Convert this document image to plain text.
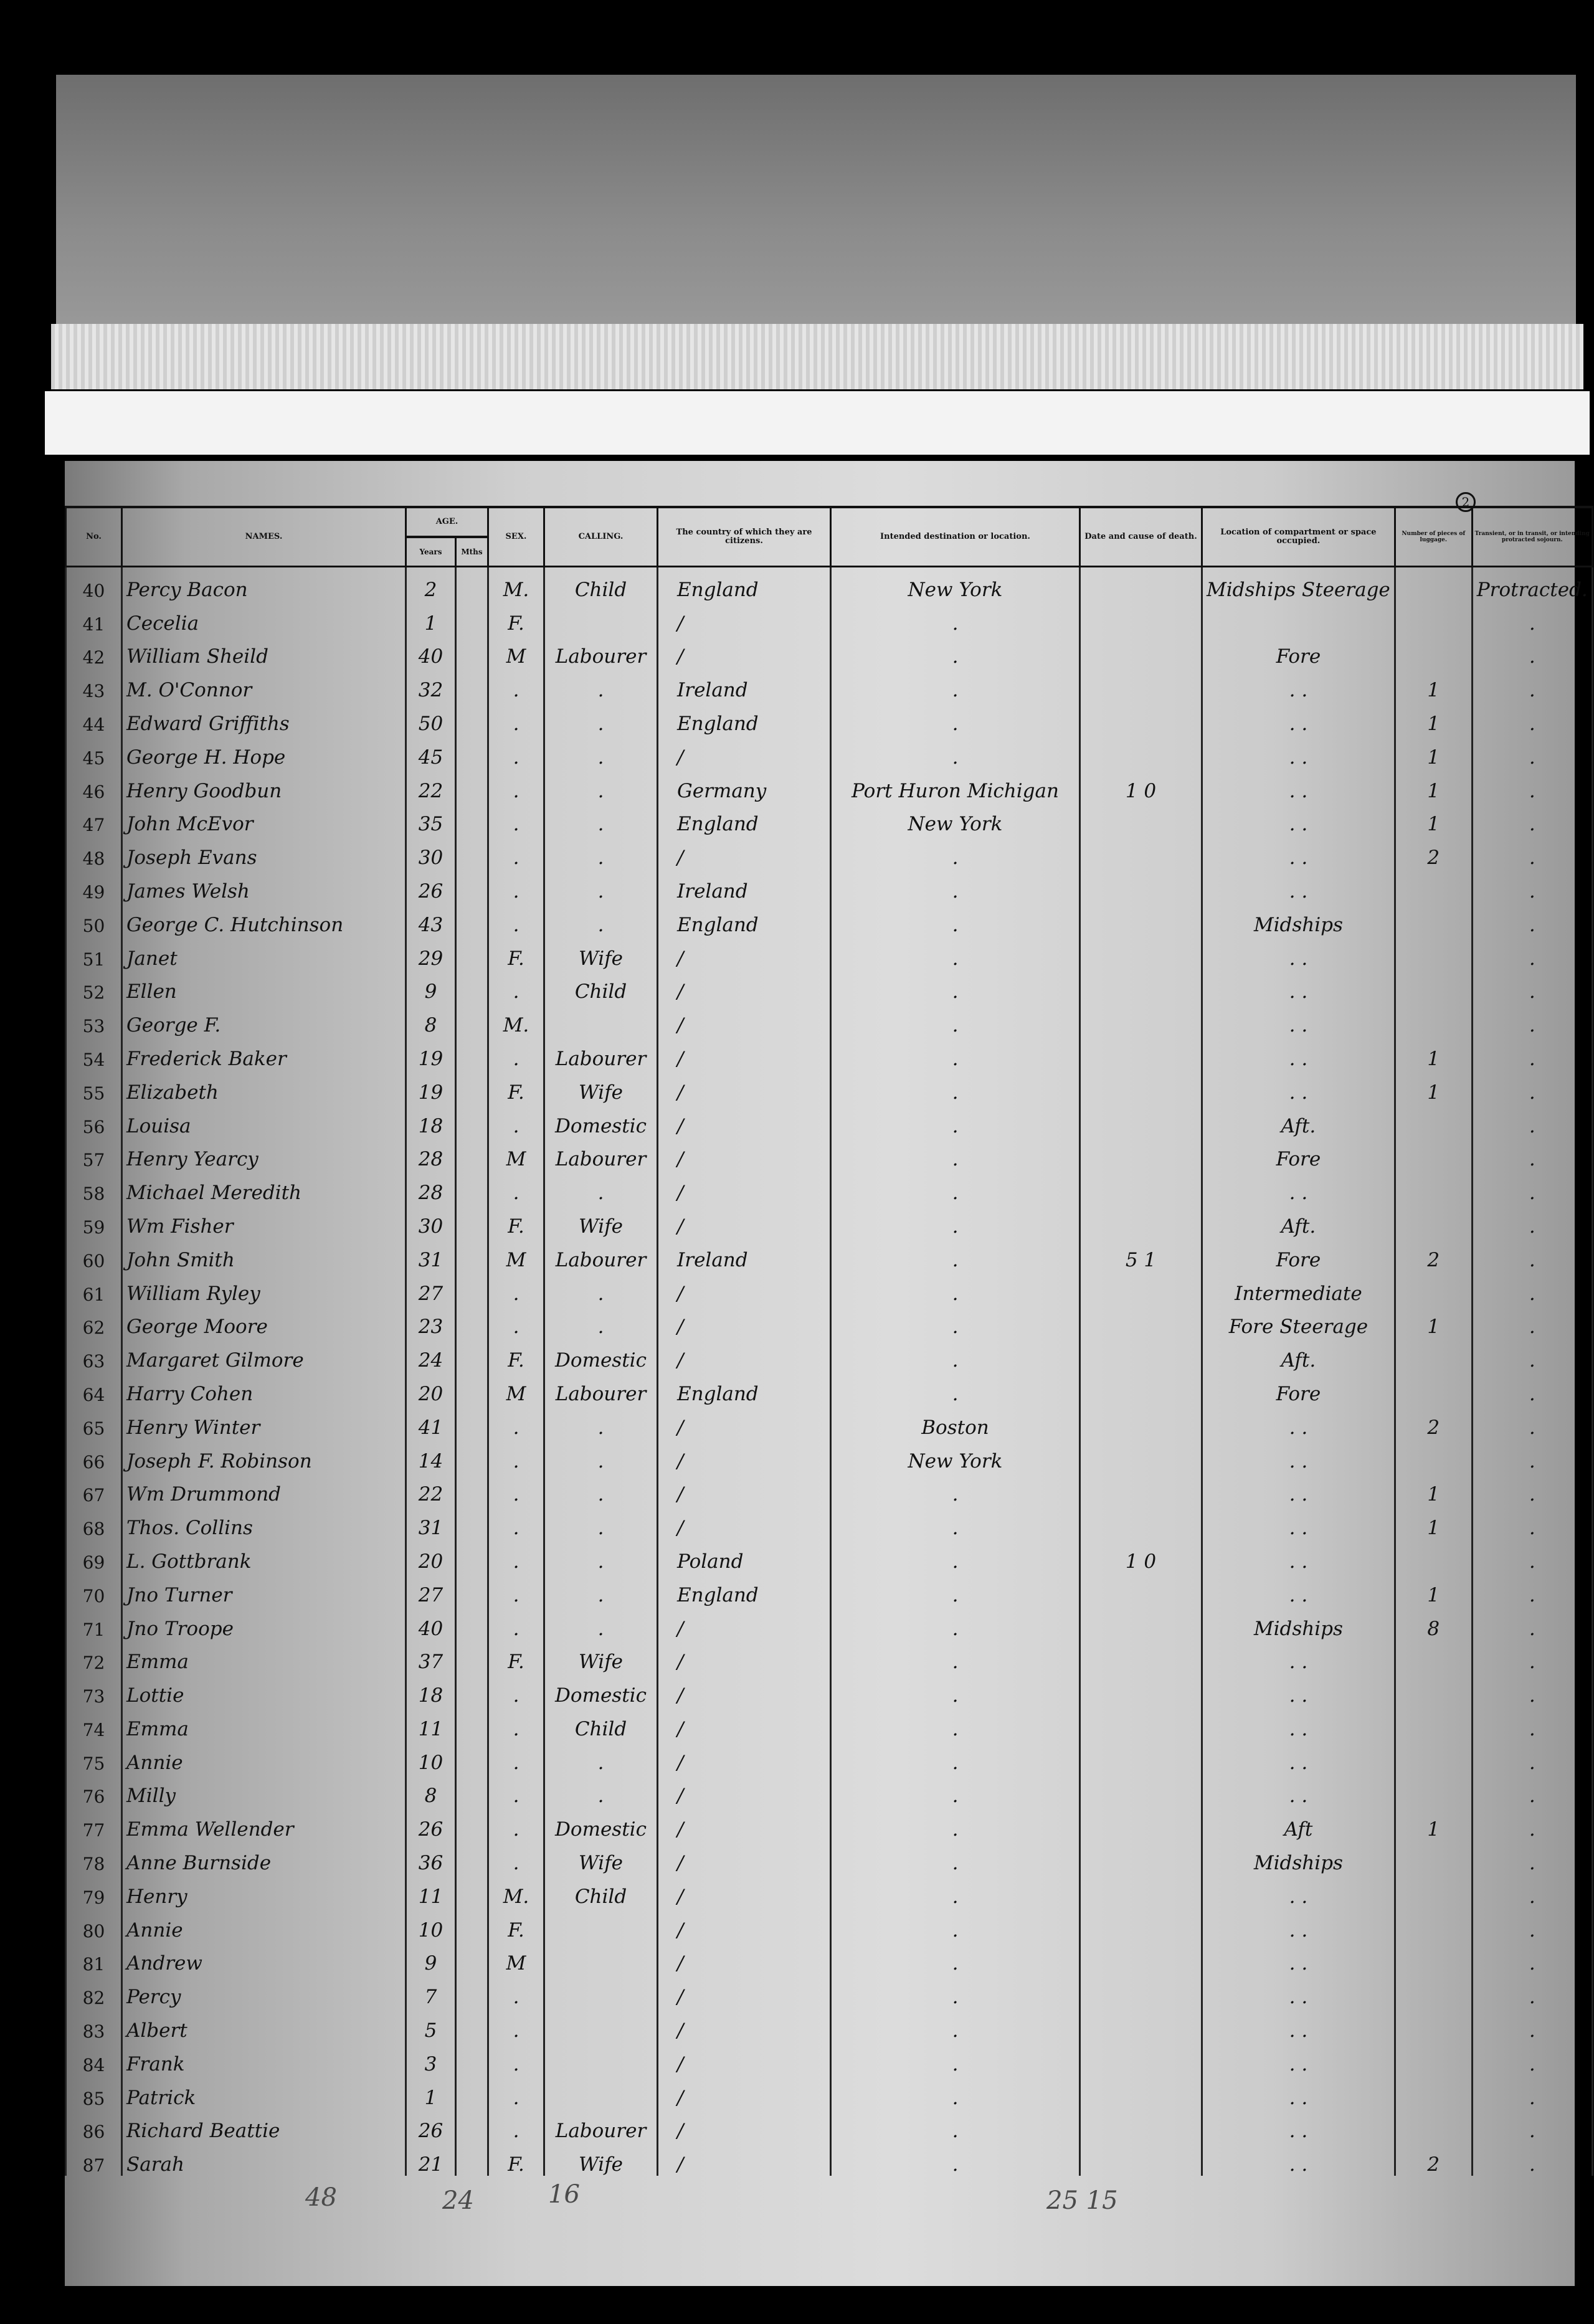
2
No.	NAMES.	AGE.		SEX.	CALLING.	The country of which they are citizens.	Intended destination or location.	Date and cause of death.	Location of compartment or space occupied.	Number of pieces of luggage.	Transient, or in transit, or intending protracted sojourn.
		Years	Mths								
40	Percy Bacon	2		M.	Child	England	New York		Midships Steerage		Protracted.
41	Cecelia	1		F.		/	.				.
42	William Sheild	40		M	Labourer	/	.		Fore		.
43	M. O'Connor	32		.	.	Ireland	.		. .	1	.
44	Edward Griffiths	50		.	.	England	.		. .	1	.
45	George H. Hope	45		.	.	/	.		. .	1	.
46	Henry Goodbun	22		.	.	Germany	Port Huron Michigan	1 0	. .	1	.
47	John McEvor	35		.	.	England	New York		. .	1	.
48	Joseph Evans	30		.	.	/	.		. .	2	.
49	James Welsh	26		.	.	Ireland	.		. .		.
50	George C. Hutchinson	43		.	.	England	.		Midships		.
51	Janet	29		F.	Wife	/	.		. .		.
52	Ellen	9		.	Child	/	.		. .		.
53	George F.	8		M.		/	.		. .		.
54	Frederick Baker	19		.	Labourer	/	.		. .	1	.
55	Elizabeth	19		F.	Wife	/	.		. .	1	.
56	Louisa	18		.	Domestic	/	.		Aft.		.
57	Henry Yearcy	28		M	Labourer	/	.		Fore		.
58	Michael Meredith	28		.	.	/	.		. .		.
59	Wm Fisher	30		F.	Wife	/	.		Aft.		.
60	John Smith	31		M	Labourer	Ireland	.	5 1	Fore	2	.
61	William Ryley	27		.	.	/	.		Intermediate		.
62	George Moore	23		.	.	/	.		Fore Steerage	1	.
63	Margaret Gilmore	24		F.	Domestic	/	.		Aft.		.
64	Harry Cohen	20		M	Labourer	England	.		Fore		.
65	Henry Winter	41		.	.	/	Boston		. .	2	.
66	Joseph F. Robinson	14		.	.	/	New York		. .		.
67	Wm Drummond	22		.	.	/	.		. .	1	.
68	Thos. Collins	31		.	.	/	.		. .	1	.
69	L. Gottbrank	20		.	.	Poland	.	1 0	. .		.
70	Jno Turner	27		.	.	England	.		. .	1	.
71	Jno Troope	40		.	.	/	.		Midships	8	.
72	Emma	37		F.	Wife	/	.		. .		.
73	Lottie	18		.	Domestic	/	.		. .		.
74	Emma	11		.	Child	/	.		. .		.
75	Annie	10		.	.	/	.		. .		.
76	Milly	8		.	.	/	.		. .		.
77	Emma Wellender	26		.	Domestic	/	.		Aft	1	.
78	Anne Burnside	36		.	Wife	/	.		Midships		.
79	Henry	11		M.	Child	/	.		. .		.
80	Annie	10		F.		/	.		. .		.
81	Andrew	9		M		/	.		. .		.
82	Percy	7		.		/	.		. .		.
83	Albert	5		.		/	.		. .		.
84	Frank	3		.		/	.		. .		.
85	Patrick	1		.		/	.		. .		.
86	Richard Beattie	26		.	Labourer	/	.		. .		.
87	Sarah	21		F.	Wife	/	.		. .	2	.
48	24	16	25 15
